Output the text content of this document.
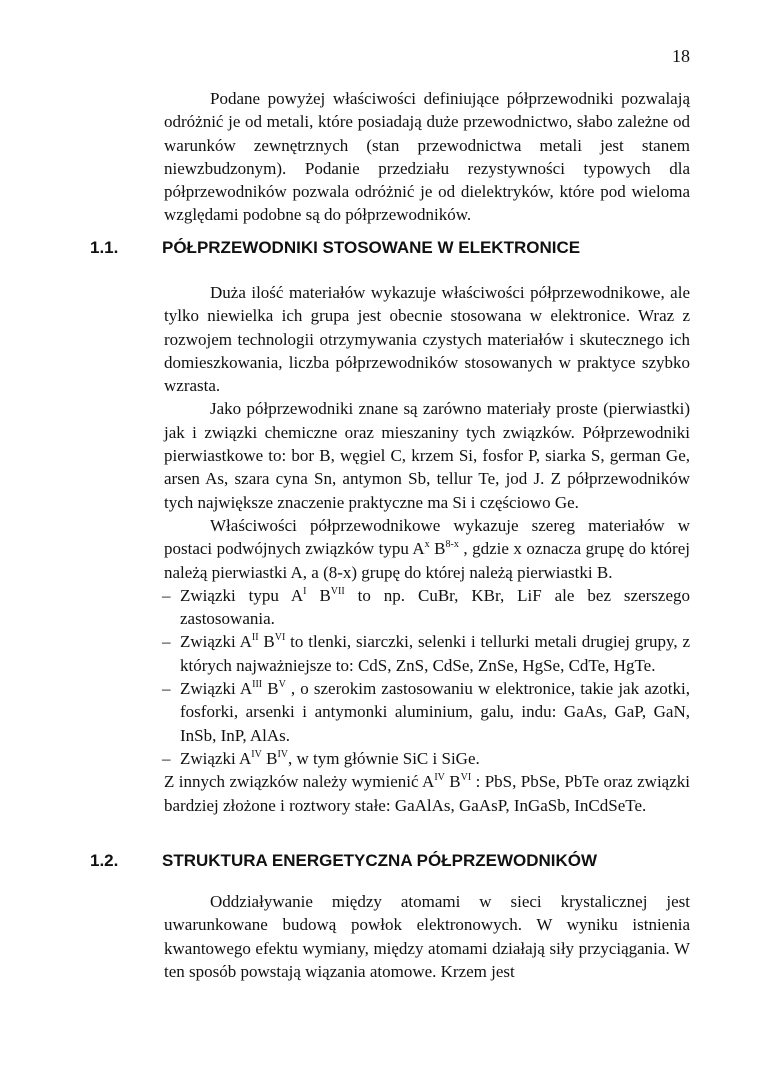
18

Podane powyżej właściwości definiujące półprzewodniki pozwalają odróżnić je od metali, które posiadają duże przewodnictwo, słabo zależne od warunków zewnętrznych (stan przewodnictwa metali jest stanem niewzbudzonym). Podanie przedziału rezystywności typowych dla półprzewodników pozwala odróżnić je od dielektryków, które pod wieloma względami podobne są do półprzewodników.

1.1.	PÓŁPRZEWODNIKI STOSOWANE W ELEKTRONICE

Duża ilość materiałów wykazuje właściwości półprzewodnikowe, ale tylko niewielka ich grupa jest obecnie stosowana w elektronice. Wraz z rozwojem technologii otrzymywania czystych materiałów i skutecznego ich domieszkowania, liczba półprzewodników stosowanych w praktyce szybko wzrasta.

Jako półprzewodniki znane są zarówno materiały proste (pierwiastki) jak i związki chemiczne oraz mieszaniny tych związków. Półprzewodniki pierwiastkowe to: bor B, węgiel C, krzem Si, fosfor P, siarka S, german Ge, arsen As, szara cyna Sn, antymon Sb, tellur Te, jod J. Z półprzewodników tych największe znaczenie praktyczne ma Si i częściowo Ge.

Właściwości półprzewodnikowe wykazuje szereg materiałów w postaci podwójnych związków typu $A^x$ $B^{8-x}$ , gdzie x oznacza grupę do której należą pierwiastki A, a (8-x) grupę do której należą pierwiastki B.

– Związki typu $A^I$ $B^{VII}$ to np. CuBr, KBr, LiF ale bez szerszego zastosowania.
– Związki $A^{II}$ $B^{VI}$ to tlenki, siarczki, selenki i tellurki metali drugiej grupy, z których najważniejsze to: CdS, ZnS, CdSe, ZnSe, HgSe, CdTe, HgTe.
– Związki $A^{III}$ $B^V$ , o szerokim zastosowaniu w elektronice, takie jak azotki, fosforki, arsenki i antymonki aluminium, galu, indu: GaAs, GaP, GaN, InSb, InP, AlAs.
– Związki $A^{IV}$ $B^{IV}$, w tym głównie SiC i SiGe.

Z innych związków należy wymienić $A^{IV}$ $B^{VI}$ : PbS, PbSe, PbTe oraz związki bardziej złożone i roztwory stałe: GaAlAs, GaAsP, InGaSb, InCdSeTe.

1.2.	STRUKTURA ENERGETYCZNA PÓŁPRZEWODNIKÓW

Oddziaływanie między atomami w sieci krystalicznej jest uwarunkowane budową powłok elektronowych. W wyniku istnienia kwantowego efektu wymiany, między atomami działają siły przyciągania. W ten sposób powstają wiązania atomowe. Krzem jest
